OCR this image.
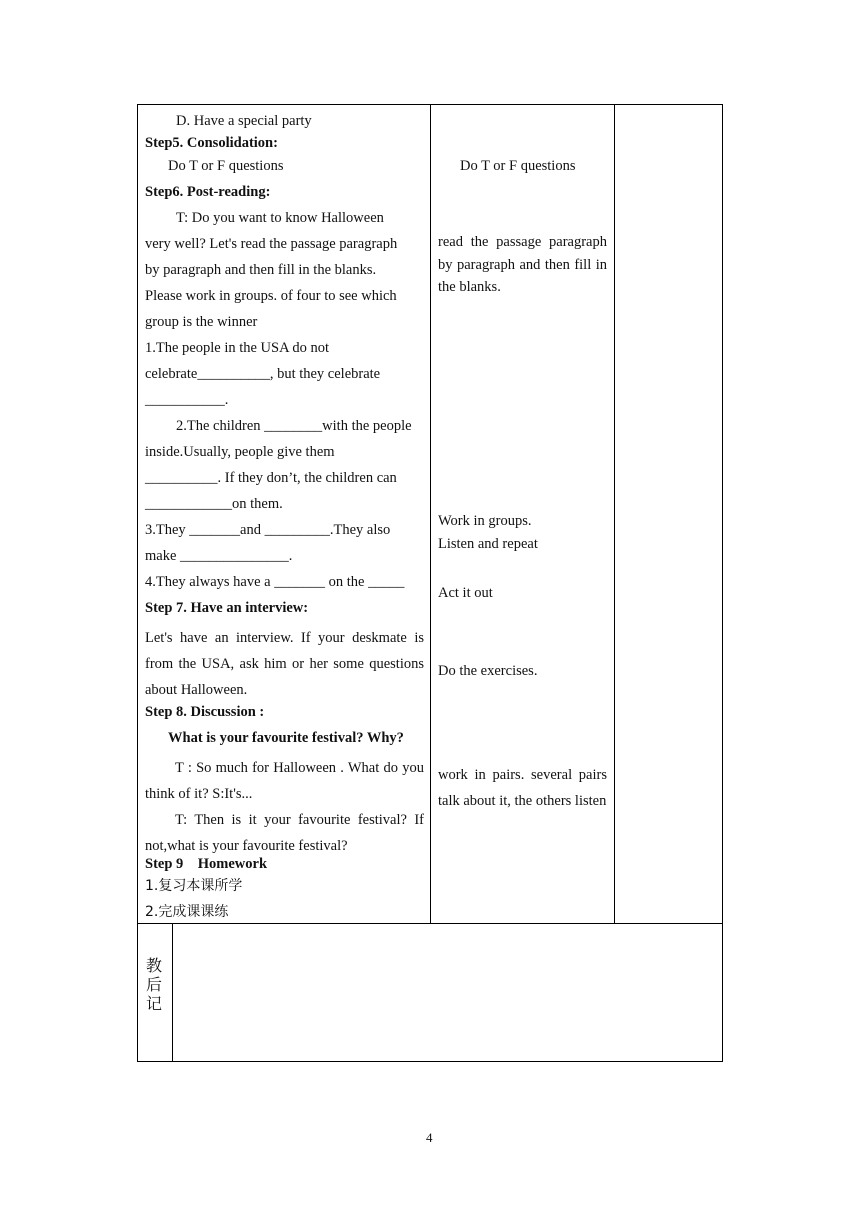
D. Have a special party
Step5. Consolidation:
Do T or F questions
Step6. Post-reading:
T: Do you want to know Halloween
very well? Let's read the passage paragraph
by paragraph and then fill in the blanks.
Please work in groups. of four to see which
group is the winner
1.The people in the USA do not
celebrate__________, but they celebrate
___________.
2.The children ________with the people
inside.Usually, people give them
__________. If they don’t, the children can
____________on them.
3.They _______and _________.They also
make _______________.
4.They always have a _______ on the _____
Step 7. Have an interview:
Let's have an interview. If your deskmate is from the USA, ask him or her some questions about Halloween.
Step 8. Discussion :
What is your favourite festival? Why?
T : So much for Halloween . What do you think of it? S:It's...
T: Then is it your favourite festival? If not,what is your favourite festival?
Step 9　Homework
1.复习本课所学
2.完成课课练
Do T or F questions
read the passage paragraph by paragraph and then fill in the blanks.
Work in groups.
Listen and repeat
Act it out
Do the exercises.
work in pairs. several pairs talk about it, the others listen
教后记
4
